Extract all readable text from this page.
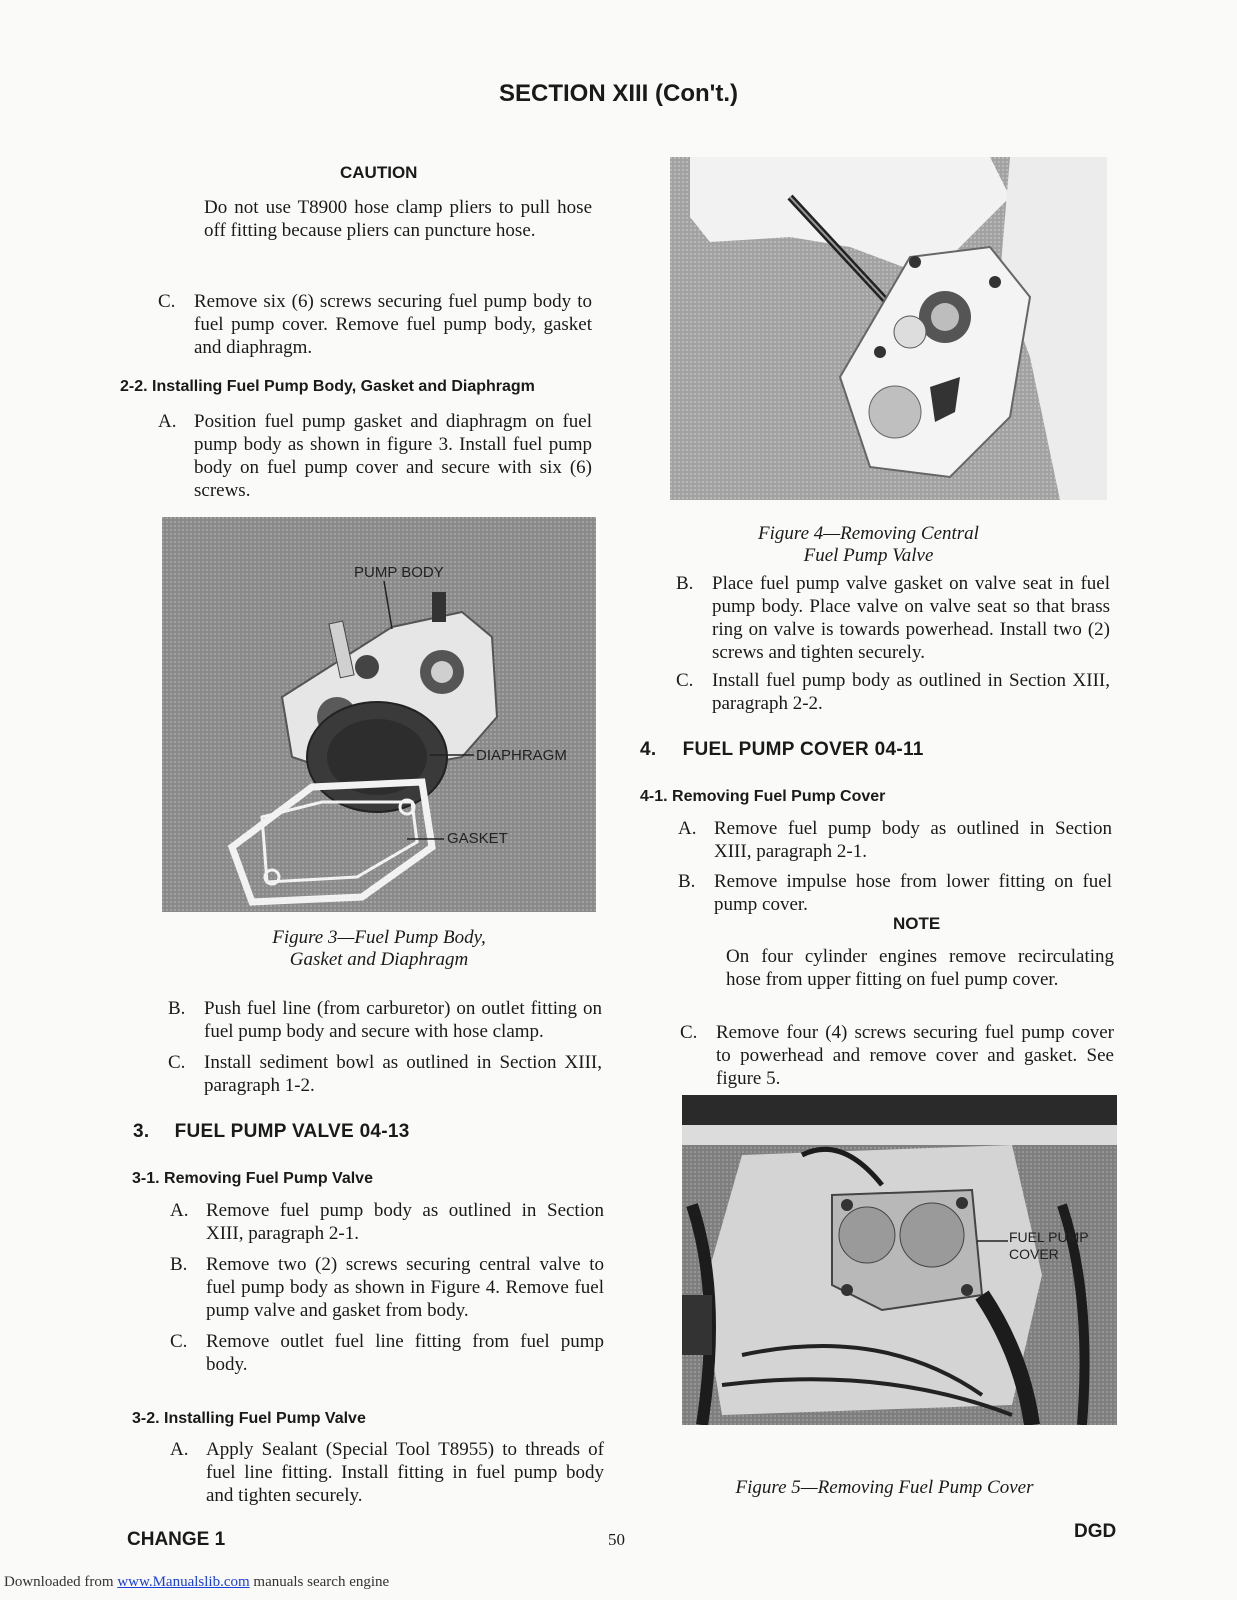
SECTION XIII (Con't.)
CAUTION
Do not use T8900 hose clamp pliers to pull hose off fitting because pliers can puncture hose.
C. Remove six (6) screws securing fuel pump body to fuel pump cover. Remove fuel pump body, gasket and diaphragm.
2-2. Installing Fuel Pump Body, Gasket and Diaphragm
A. Position fuel pump gasket and diaphragm on fuel pump body as shown in figure 3. Install fuel pump body on fuel pump cover and secure with six (6) screws.
PUMP BODY
DIAPHRAGM
GASKET
Figure 3—Fuel Pump Body,
Gasket and Diaphragm
B. Push fuel line (from carburetor) on outlet fitting on fuel pump body and secure with hose clamp.
C. Install sediment bowl as outlined in Section XIII, paragraph 1-2.
3. FUEL PUMP VALVE 04-13
3-1. Removing Fuel Pump Valve
A. Remove fuel pump body as outlined in Section XIII, paragraph 2-1.
B. Remove two (2) screws securing central valve to fuel pump body as shown in Figure 4. Remove fuel pump valve and gasket from body.
C. Remove outlet fuel line fitting from fuel pump body.
3-2. Installing Fuel Pump Valve
A. Apply Sealant (Special Tool T8955) to threads of fuel line fitting. Install fitting in fuel pump body and tighten securely.
Figure 4—Removing Central
Fuel Pump Valve
B. Place fuel pump valve gasket on valve seat in fuel pump body. Place valve on valve seat so that brass ring on valve is towards powerhead. Install two (2) screws and tighten securely.
C. Install fuel pump body as outlined in Section XIII, paragraph 2-2.
4. FUEL PUMP COVER 04-11
4-1. Removing Fuel Pump Cover
A. Remove fuel pump body as outlined in Section XIII, paragraph 2-1.
B. Remove impulse hose from lower fitting on fuel pump cover.
NOTE
On four cylinder engines remove recirculating hose from upper fitting on fuel pump cover.
C. Remove four (4) screws securing fuel pump cover to powerhead and remove cover and gasket. See figure 5.
FUEL PUMP
COVER
Figure 5—Removing Fuel Pump Cover
CHANGE 1	50	DGD
Downloaded from www.Manualslib.com manuals search engine
